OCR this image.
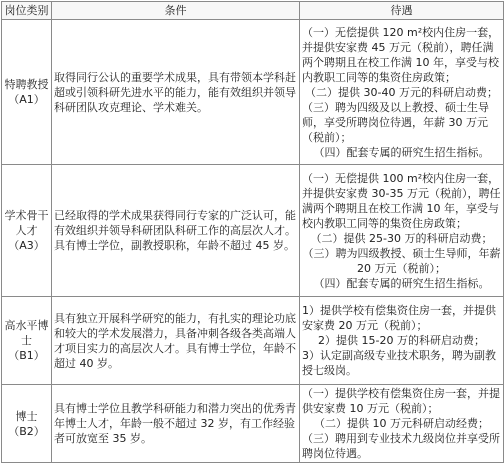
岗位类别	条件	待遇

特聘教授
（A1）	取得同行公认的重要学术成果，具有带领本学科赶超或引领科研先进水平的能力，能有效组织并领导科研团队攻克理论、学术难关。	（一）无偿提供 120 m²校内住房一套，并提供安家费 45 万元（税前），聘任满两个聘期且在校工作满 10 年，享受与校内教职工同等的集资住房政策；
（二）提供 30-40 万元的科研启动费；
（三）聘为四级及以上教授、硕士生导师，享受所聘岗位待遇，年薪 30 万元（税前）；
（四）配套专属的研究生招生指标。

学术骨干人才
（A3）	已经取得的学术成果获得同行专家的广泛认可，能有效组织并领导科研团队科研工作的高层次人才。具有博士学位，副教授职称，年龄不超过 45 岁。	（一）无偿提供 100 m²校内住房一套，并提供安家费 30-35 万元（税前），聘任满两个聘期且在校工作满 10 年，享受与校内教职工同等的集资住房政策；
（二）提供 25-30 万的科研启动费；
（三）聘为四级教授、硕士生导师，年薪 20 万元（税前）；
（四）配套专属的研究生招生指标。

高水平博士
（B1）	具有独立开展科学研究的能力，有扎实的理论功底和较大的学术发展潜力，具备冲刺各级各类高端人才项目实力的高层次人才。具有博士学位，年龄不超过 40 岁。	1）提供学校有偿集资住房一套，并提供安家费 20 万元（税前）；
2）提供 15-20 万的科研启动费；
3）认定副高级专业技术职务，聘为副教授七级岗。

博士
（B2）	具有博士学位且教学科研能力和潜力突出的优秀青年博士人才，年龄一般不超过 32 岁，有工作经验者可放宽至 35 岁。	（一）提供学校有偿集资住房一套，并提供安家费 10 万元（税前）；
（二）提供 10 万元科研启动经费；
（三）聘用到专业技术九级岗位并享受所聘岗位待遇。
